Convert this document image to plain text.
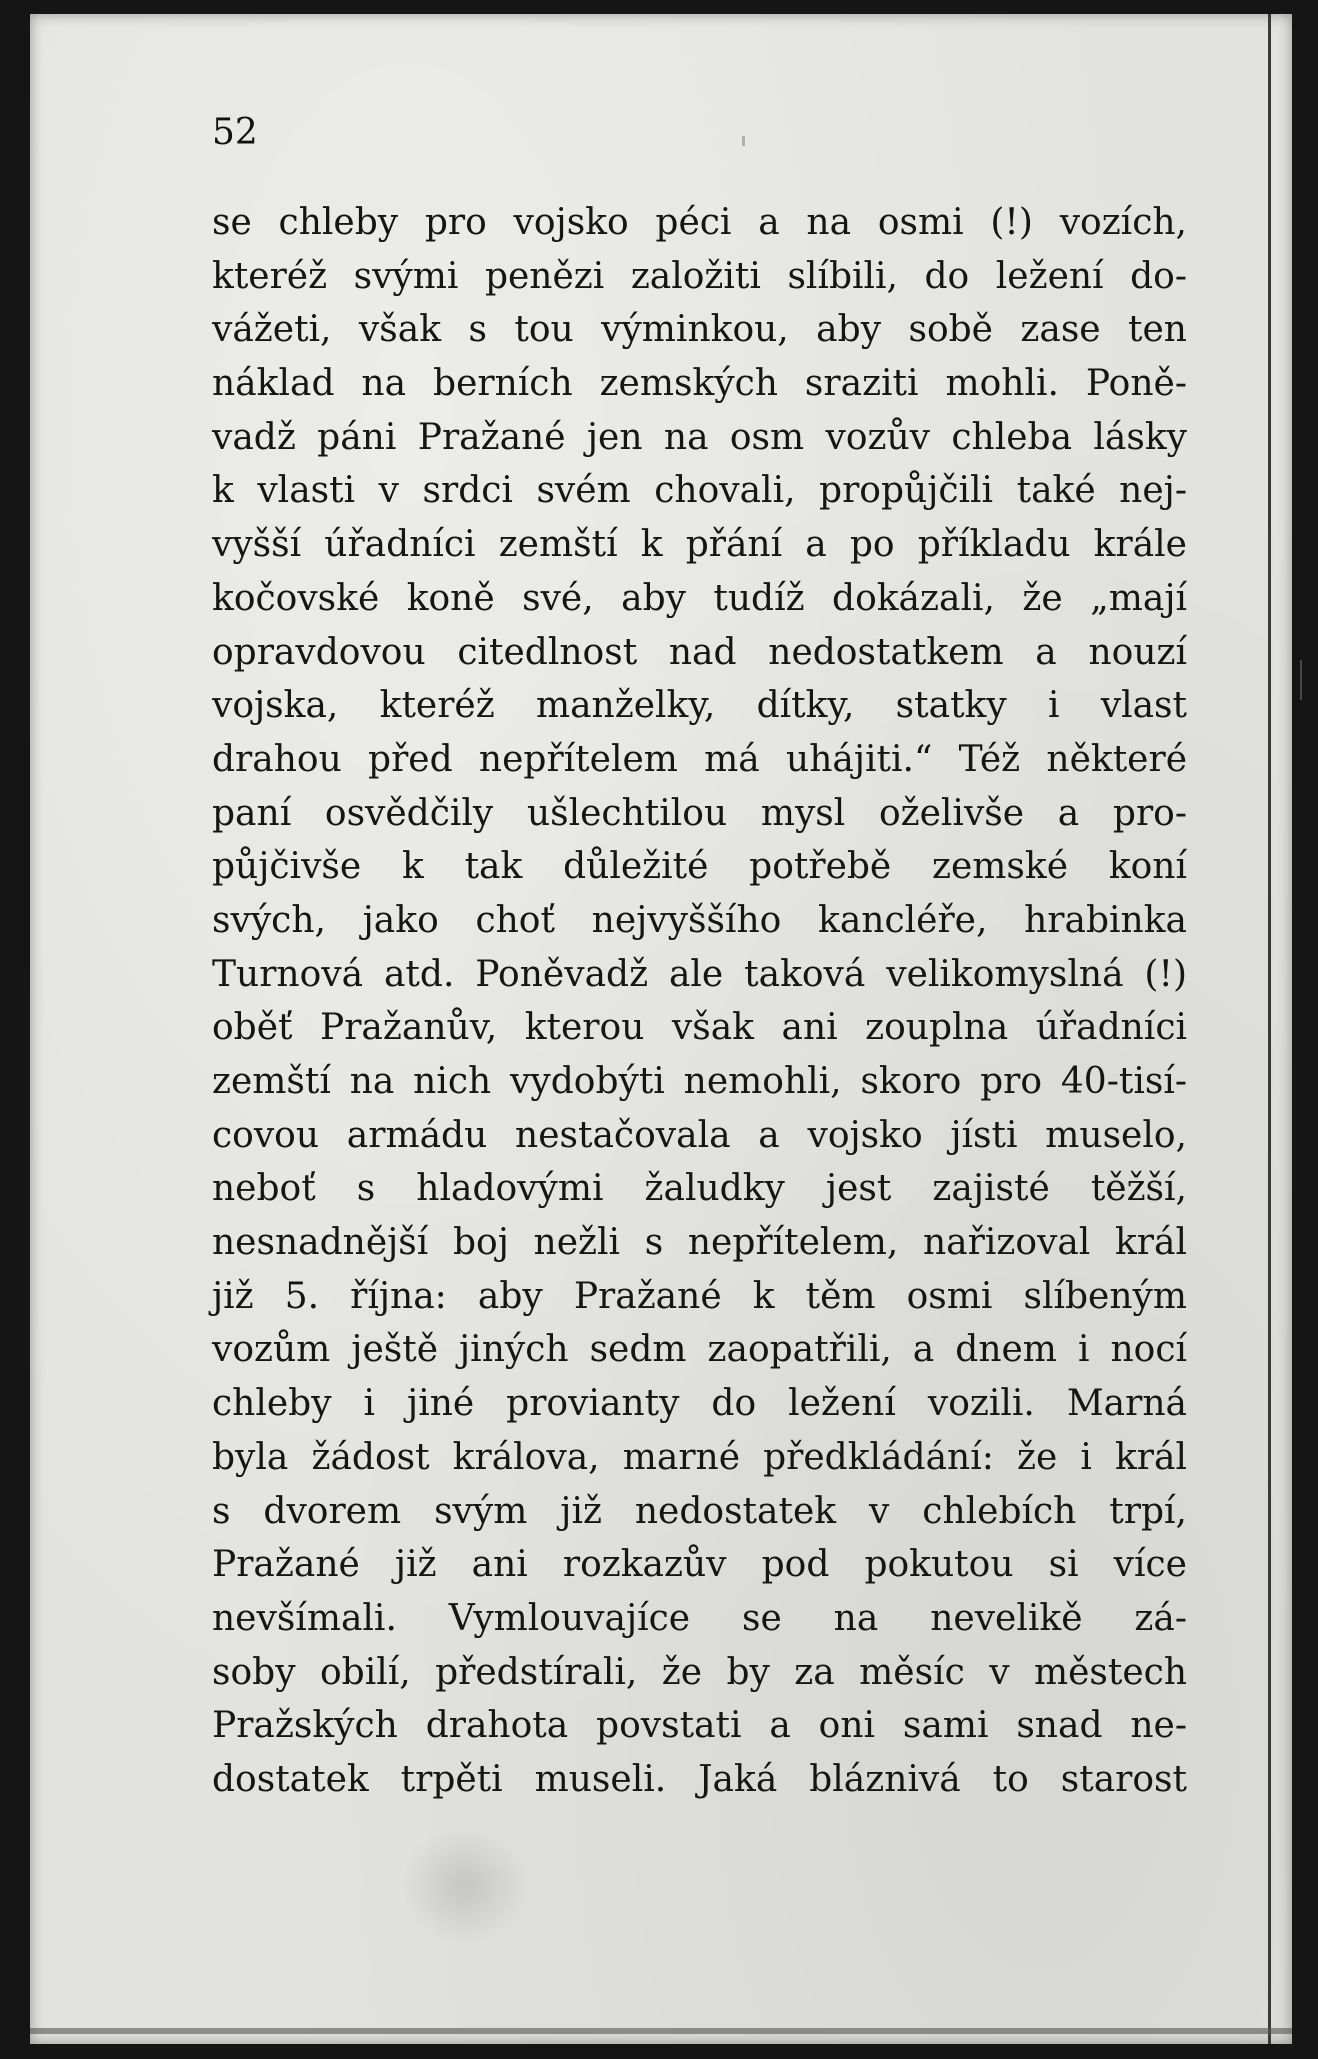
52
se chleby pro vojsko péci a na osmi (!) vozích,
kteréž svými penězi založiti slíbili, do ležení do-
vážeti, však s tou výminkou, aby sobě zase ten
náklad na berních zemských sraziti mohli. Poně-
vadž páni Pražané jen na osm vozův chleba lásky
k vlasti v srdci svém chovali, propůjčili také nej-
vyšší úřadníci zemští k přání a po příkladu krále
kočovské koně své, aby tudíž dokázali, že „mají
opravdovou citedlnost nad nedostatkem a nouzí
vojska, kteréž manželky, dítky, statky i vlast
drahou před nepřítelem má uhájiti.“ Též některé
paní osvědčily ušlechtilou mysl oželivše a pro-
půjčivše k tak důležité potřebě zemské koní
svých, jako choť nejvyššího kancléře, hrabinka
Turnová atd. Poněvadž ale taková velikomyslná (!)
oběť Pražanův, kterou však ani zouplna úřadníci
zemští na nich vydobýti nemohli, skoro pro 40-tisí-
covou armádu nestačovala a vojsko jísti muselo,
neboť s hladovými žaludky jest zajisté těžší,
nesnadnější boj nežli s nepřítelem, nařizoval král
již 5. října: aby Pražané k těm osmi slíbeným
vozům ještě jiných sedm zaopatřili, a dnem i nocí
chleby i jiné provianty do ležení vozili. Marná
byla žádost králova, marné předkládání: že i král
s dvorem svým již nedostatek v chlebích trpí,
Pražané již ani rozkazův pod pokutou si více
nevšímali. Vymlouvajíce se na nevelikě zá-
soby obilí, předstírali, že by za měsíc v městech
Pražských drahota povstati a oni sami snad ne-
dostatek trpěti museli. Jaká bláznivá to starost
